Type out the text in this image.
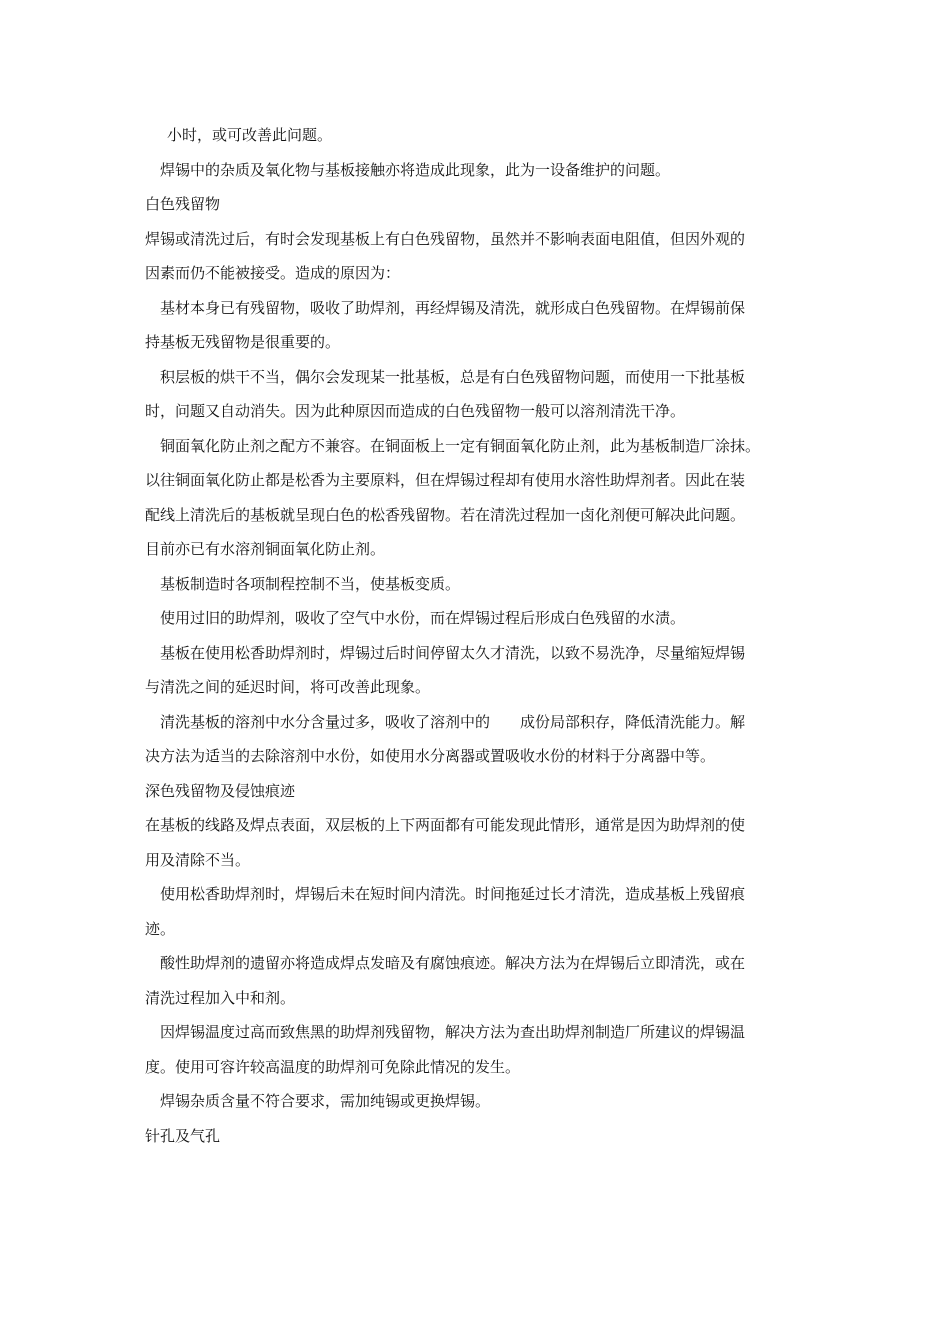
小时，或可改善此问题。
焊锡中的杂质及氧化物与基板接触亦将造成此现象，此为一设备维护的问题。
白色残留物
焊锡或清洗过后，有时会发现基板上有白色残留物，虽然并不影响表面电阻值，但因外观的
因素而仍不能被接受。造成的原因为：
基材本身已有残留物，吸收了助焊剂，再经焊锡及清洗，就形成白色残留物。在焊锡前保
持基板无残留物是很重要的。
积层板的烘干不当，偶尔会发现某一批基板，总是有白色残留物问题，而使用一下批基板
时，问题又自动消失。因为此种原因而造成的白色残留物一般可以溶剂清洗干净。
铜面氧化防止剂之配方不兼容。在铜面板上一定有铜面氧化防止剂，此为基板制造厂涂抹。
以往铜面氧化防止都是松香为主要原料，但在焊锡过程却有使用水溶性助焊剂者。因此在装
配线上清洗后的基板就呈现白色的松香残留物。若在清洗过程加一卤化剂便可解决此问题。
目前亦已有水溶剂铜面氧化防止剂。
基板制造时各项制程控制不当，使基板变质。
使用过旧的助焊剂，吸收了空气中水份，而在焊锡过程后形成白色残留的水渍。
基板在使用松香助焊剂时，焊锡过后时间停留太久才清洗，以致不易洗净，尽量缩短焊锡
与清洗之间的延迟时间，将可改善此现象。
清洗基板的溶剂中水分含量过多，吸收了溶剂中的　　成份局部积存，降低清洗能力。解
决方法为适当的去除溶剂中水份，如使用水分离器或置吸收水份的材料于分离器中等。
深色残留物及侵蚀痕迹
在基板的线路及焊点表面，双层板的上下两面都有可能发现此情形，通常是因为助焊剂的使
用及清除不当。
使用松香助焊剂时，焊锡后未在短时间内清洗。时间拖延过长才清洗，造成基板上残留痕
迹。
酸性助焊剂的遗留亦将造成焊点发暗及有腐蚀痕迹。解决方法为在焊锡后立即清洗，或在
清洗过程加入中和剂。
因焊锡温度过高而致焦黑的助焊剂残留物，解决方法为查出助焊剂制造厂所建议的焊锡温
度。使用可容许较高温度的助焊剂可免除此情况的发生。
焊锡杂质含量不符合要求，需加纯锡或更换焊锡。
针孔及气孔
